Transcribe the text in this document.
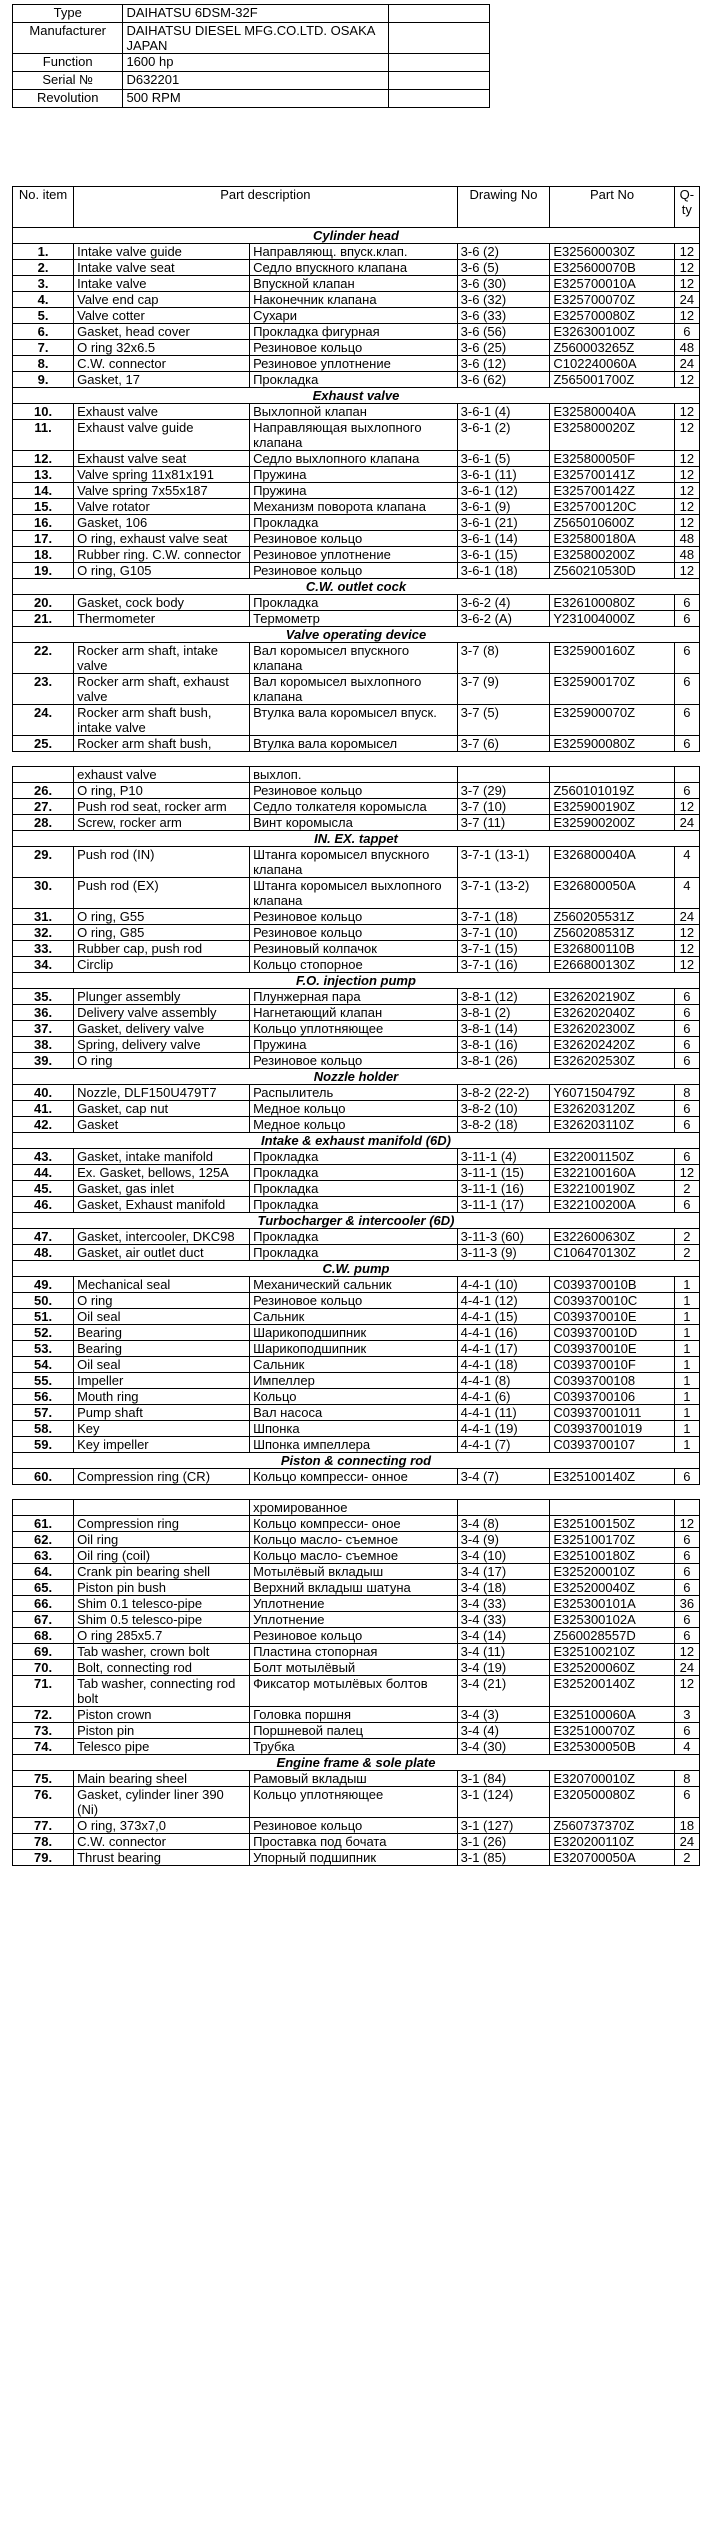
Type	DAIHATSU 6DSM-32F	
Manufacturer	DAIHATSU DIESEL MFG.CO.LTD. OSAKA JAPAN	
Function	1600 hp	
Serial №	D632201	
Revolution	500 RPM	
No. item	Part description		Drawing No	Part No	Q-ty
Cylinder head					
1.	Intake valve guide	Направляющ. впуск.клап.	3-6 (2)	E325600030Z	12
2.	Intake valve seat	Седло впускного клапана	3-6 (5)	E325600070B	12
3.	Intake valve	Впускной клапан	3-6 (30)	E325700010A	12
4.	Valve end cap	Наконечник клапана	3-6 (32)	E325700070Z	24
5.	Valve cotter	Сухари	3-6 (33)	E325700080Z	12
6.	Gasket, head cover	Прокладка фигурная	3-6 (56)	E326300100Z	6
7.	O ring 32x6.5	Резиновое кольцо	3-6 (25)	Z560003265Z	48
8.	C.W. connector	Резиновое уплотнение	3-6 (12)	C102240060A	24
9.	Gasket, 17	Прокладка	3-6 (62)	Z565001700Z	12
Exhaust valve					
10.	Exhaust valve	Выхлопной клапан	3-6-1 (4)	E325800040A	12
11.	Exhaust valve guide	Направляющая выхлопного клапана	3-6-1 (2)	E325800020Z	12
12.	Exhaust valve seat	Седло выхлопного клапана	3-6-1 (5)	E325800050F	12
13.	Valve spring 11x81x191	Пружина	3-6-1 (11)	E325700141Z	12
14.	Valve spring 7x55x187	Пружина	3-6-1 (12)	E325700142Z	12
15.	Valve rotator	Механизм поворота клапана	3-6-1 (9)	E325700120C	12
16.	Gasket, 106	Прокладка	3-6-1 (21)	Z565010600Z	12
17.	O ring, exhaust valve seat	Резиновое кольцо	3-6-1 (14)	E325800180A	48
18.	Rubber ring. C.W. connector	Резиновое уплотнение	3-6-1 (15)	E325800200Z	48
19.	O ring, G105	Резиновое кольцо	3-6-1 (18)	Z560210530D	12
C.W. outlet cock					
20.	Gasket, cock body	Прокладка	3-6-2 (4)	E326100080Z	6
21.	Thermometer	Термометр	3-6-2 (A)	Y231004000Z	6
Valve operating device					
22.	Rocker arm shaft, intake valve	Вал коромысел впускного клапана	3-7 (8)	E325900160Z	6
23.	Rocker arm shaft, exhaust valve	Вал коромысел выхлопного клапана	3-7 (9)	E325900170Z	6
24.	Rocker arm shaft bush, intake valve	Втулка вала коромысел впуск.	3-7 (5)	E325900070Z	6
25.	Rocker arm shaft bush,	Втулка вала коромысел	3-7 (6)	E325900080Z	6

	exhaust valve	выхлоп.			
26.	O ring, P10	Резиновое кольцо	3-7 (29)	Z560101019Z	6
27.	Push rod seat, rocker arm	Седло толкателя коромысла	3-7 (10)	E325900190Z	12
28.	Screw, rocker arm	Винт коромысла	3-7 (11)	E325900200Z	24
IN. EX. tappet					
29.	Push rod (IN)	Штанга коромысел впускного клапана	3-7-1 (13-1)	E326800040A	4
30.	Push rod (EX)	Штанга коромысел выхлопного клапана	3-7-1 (13-2)	E326800050A	4
31.	O ring, G55	Резиновое кольцо	3-7-1 (18)	Z560205531Z	24
32.	O ring, G85	Резиновое кольцо	3-7-1 (10)	Z560208531Z	12
33.	Rubber cap, push rod	Резиновый колпачок	3-7-1 (15)	E326800110B	12
34.	Circlip	Кольцо стопорное	3-7-1 (16)	E266800130Z	12
F.O. injection pump					
35.	Plunger assembly	Плунжерная пара	3-8-1 (12)	E326202190Z	6
36.	Delivery valve assembly	Нагнетающий клапан	3-8-1 (2)	E326202040Z	6
37.	Gasket, delivery valve	Кольцо уплотняющее	3-8-1 (14)	E326202300Z	6
38.	Spring, delivery valve	Пружина	3-8-1 (16)	E326202420Z	6
39.	O ring	Резиновое кольцо	3-8-1 (26)	E326202530Z	6
Nozzle holder					
40.	Nozzle, DLF150U479T7	Распылитель	3-8-2 (22-2)	Y607150479Z	8
41.	Gasket, cap nut	Медное кольцо	3-8-2 (10)	E326203120Z	6
42.	Gasket	Медное кольцо	3-8-2 (18)	E326203110Z	6
Intake & exhaust manifold (6D)					
43.	Gasket, intake manifold	Прокладка	3-11-1 (4)	E322001150Z	6
44.	Ex. Gasket, bellows, 125A	Прокладка	3-11-1 (15)	E322100160A	12
45.	Gasket, gas inlet	Прокладка	3-11-1 (16)	E322100190Z	2
46.	Gasket, Exhaust manifold	Прокладка	3-11-1 (17)	E322100200A	6
Turbocharger & intercooler (6D)					
47.	Gasket, intercooler, DKC98	Прокладка	3-11-3 (60)	E322600630Z	2
48.	Gasket, air outlet duct	Прокладка	3-11-3 (9)	C106470130Z	2
C.W. pump					
49.	Mechanical seal	Механический сальник	4-4-1 (10)	C039370010B	1
50.	O ring	Резиновое кольцо	4-4-1 (12)	C039370010C	1
51.	Oil seal	Сальник	4-4-1 (15)	C039370010E	1
52.	Bearing	Шарикоподшипник	4-4-1 (16)	C039370010D	1
53.	Bearing	Шарикоподшипник	4-4-1 (17)	C039370010E	1
54.	Oil seal	Сальник	4-4-1 (18)	C039370010F	1
55.	Impeller	Импеллер	4-4-1 (8)	C0393700108	1
56.	Mouth ring	Кольцо	4-4-1 (6)	C0393700106	1
57.	Pump shaft	Вал насоса	4-4-1 (11)	C03937001011	1
58.	Key	Шпонка	4-4-1 (19)	C03937001019	1
59.	Key impeller	Шпонка импеллера	4-4-1 (7)	C0393700107	1
Piston & connecting rod					
60.	Compression ring (CR)	Кольцо компресси- онное	3-4 (7)	E325100140Z	6

		хромированное			
61.	Compression ring	Кольцо компресси- оное	3-4 (8)	E325100150Z	12
62.	Oil ring	Кольцо масло- съемное	3-4 (9)	E325100170Z	6
63.	Oil ring (coil)	Кольцо масло- съемное	3-4 (10)	E325100180Z	6
64.	Crank pin bearing shell	Мотылёвый вкладыш	3-4 (17)	E325200010Z	6
65.	Piston pin bush	Верхний вкладыш шатуна	3-4 (18)	E325200040Z	6
66.	Shim 0.1 telesco-pipe	Уплотнение	3-4 (33)	E325300101A	36
67.	Shim 0.5 telesco-pipe	Уплотнение	3-4 (33)	E325300102A	6
68.	O ring 285x5.7	Резиновое кольцо	3-4 (14)	Z560028557D	6
69.	Tab washer, crown bolt	Пластина стопорная	3-4 (11)	E325100210Z	12
70.	Bolt, connecting rod	Болт мотылёвый	3-4 (19)	E325200060Z	24
71.	Tab washer, connecting rod bolt	Фиксатор мотылёвых болтов	3-4 (21)	E325200140Z	12
72.	Piston crown	Головка поршня	3-4 (3)	E325100060A	3
73.	Piston pin	Поршневой палец	3-4 (4)	E325100070Z	6
74.	Telesco pipe	Трубка	3-4 (30)	E325300050B	4
Engine frame & sole plate					
75.	Main bearing sheel	Рамовый вкладыш	3-1 (84)	E320700010Z	8
76.	Gasket, cylinder liner 390 (Ni)	Кольцо уплотняющее	3-1 (124)	E320500080Z	6
77.	O ring, 373x7,0	Резиновое кольцо	3-1 (127)	Z560737370Z	18
78.	C.W. connector	Проставка под бочата	3-1 (26)	E320200110Z	24
79.	Thrust bearing	Упорный подшипник	3-1 (85)	E320700050A	2
